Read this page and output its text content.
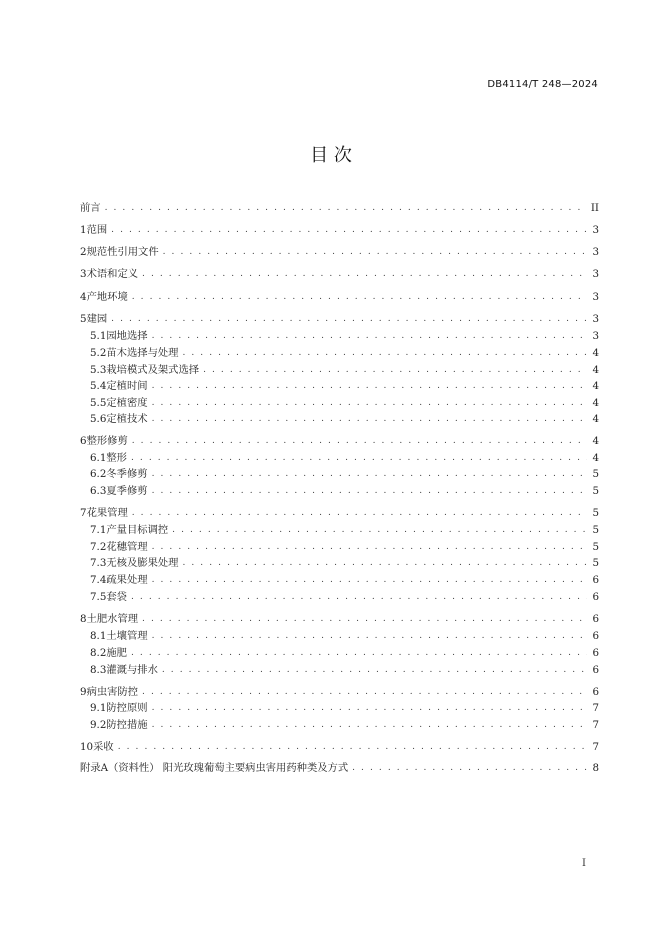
DB4114/T 248—2024
目 次
前言 . . .	II
1 范围 . . .	3
2 规范性引用文件 . . .	3
3 术语和定义 . . .	3
4 产地环境 . . .	3
5 建园 . . .	3
5.1 园地选择 . . .	3
5.2 苗木选择与处理 . . .	4
5.3 栽培模式及架式选择 . . .	4
5.4 定植时间 . . .	4
5.5 定植密度 . . .	4
5.6 定植技术 . . .	4
6 整形修剪 . . .	4
6.1 整形 . . .	4
6.2 冬季修剪 . . .	5
6.3 夏季修剪 . . .	5
7 花果管理 . . .	5
7.1 产量目标调控 . . .	5
7.2 花穗管理 . . .	5
7.3 无核及膨果处理 . . .	5
7.4 疏果处理 . . .	6
7.5 套袋 . . .	6
8 土肥水管理 . . .	6
8.1 土壤管理 . . .	6
8.2 施肥 . . .	6
8.3 灌溉与排水 . . .	6
9 病虫害防控 . . .	6
9.1 防控原则 . . .	7
9.2 防控措施 . . .	7
10 采收 . . .	7
附录A（资料性） 阳光玫瑰葡萄主要病虫害用药种类及方式 . . .	8
I
